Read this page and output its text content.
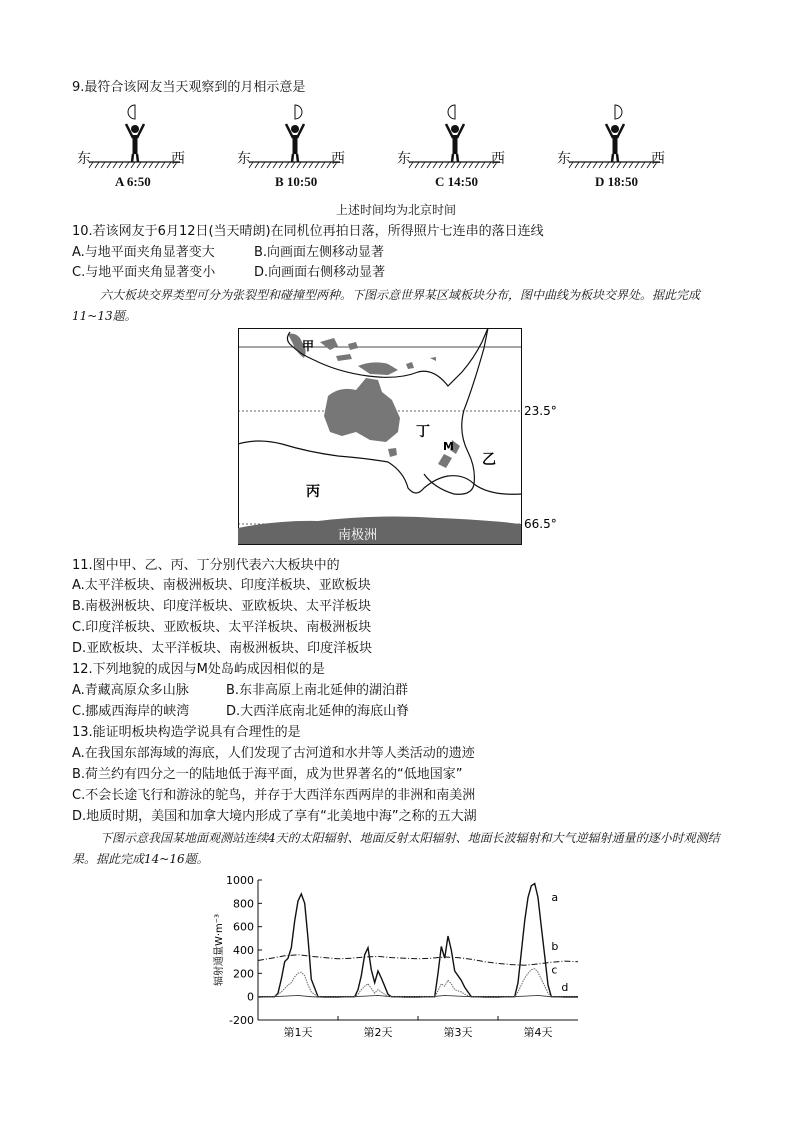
9.最符合该网友当天观察到的月相示意是
东	西
A 6:50
东	西
B 10:50
东	西
C 14:50
东	西
D 18:50
上述时间均为北京时间
10.若该网友于6月12日(当天晴朗)在同机位再拍日落，所得照片七连串的落日连线
A.与地平面夹角显著变大	B.向画面左侧移动显著
C.与地平面夹角显著变小	D.向画面右侧移动显著
六大板块交界类型可分为张裂型和碰撞型两种。下图示意世界某区域板块分布，图中曲线为板块交界处。据此完成11~13题。
甲
丁
M
乙
丙
南极洲
23.5°
66.5°
11.图中甲、乙、丙、丁分别代表六大板块中的
A.太平洋板块、南极洲板块、印度洋板块、亚欧板块
B.南极洲板块、印度洋板块、亚欧板块、太平洋板块
C.印度洋板块、亚欧板块、太平洋板块、南极洲板块
D.亚欧板块、太平洋板块、南极洲板块、印度洋板块
12.下列地貌的成因与M处岛屿成因相似的是
A.青藏高原众多山脉	B.东非高原上南北延伸的湖泊群
C.挪威西海岸的峡湾	D.大西洋底南北延伸的海底山脊
13.能证明板块构造学说具有合理性的是
A.在我国东部海域的海底，人们发现了古河道和水井等人类活动的遗迹
B.荷兰约有四分之一的陆地低于海平面，成为世界著名的“低地国家”
C.不会长途飞行和游泳的鸵鸟，并存于大西洋东西两岸的非洲和南美洲
D.地质时期，美国和加拿大境内形成了享有“北美地中海”之称的五大湖
下图示意我国某地面观测站连续4天的太阳辐射、地面反射太阳辐射、地面长波辐射和大气逆辐射通量的逐小时观测结果。据此完成14~16题。
1000
800
600
400
200
0
-200
辐射通量W·m⁻³
第1天	第2天	第3天	第4天
a
b
c
d
